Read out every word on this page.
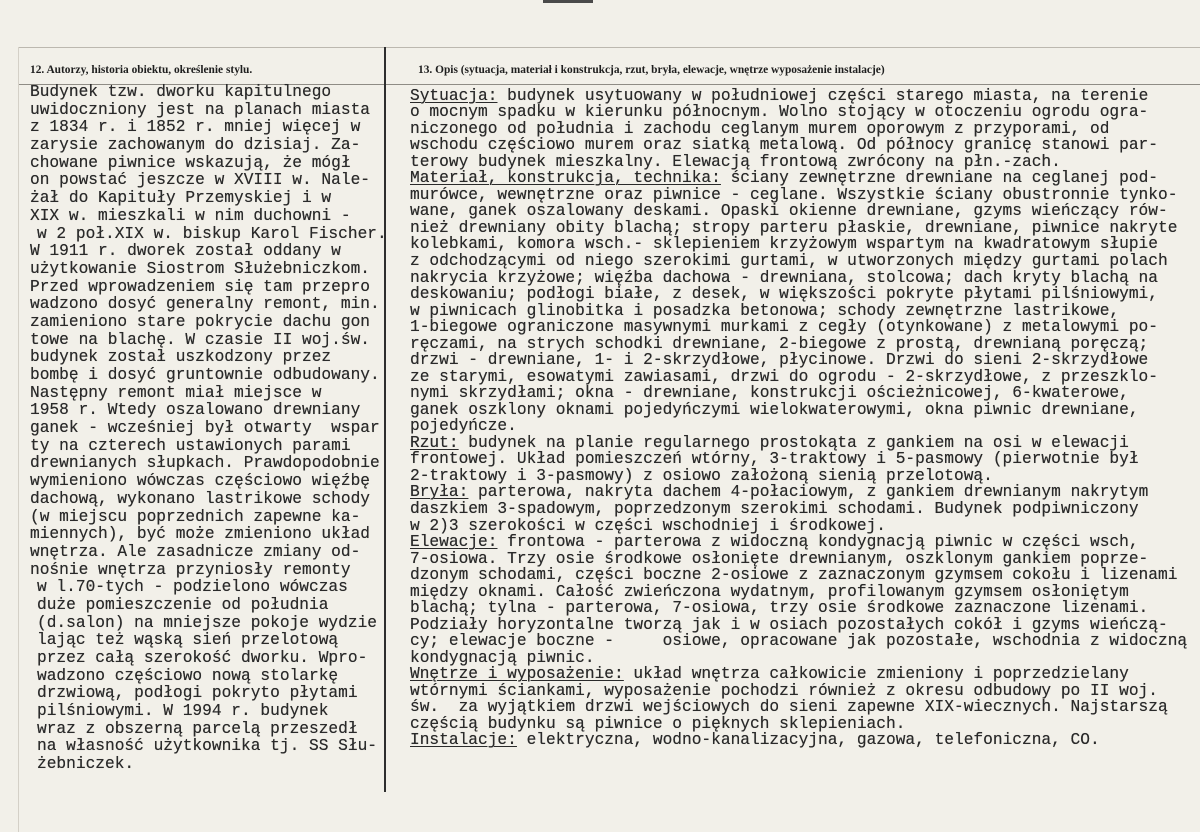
12. Autorzy, historia obiektu, określenie stylu.	13. Opis (sytuacja, materiał i konstrukcja, rzut, bryła, elewacje, wnętrze wyposażenie instalacje)
Budynek tzw. dworku kapitulnego
uwidoczniony jest na planach miasta
z 1834 r. i 1852 r. mniej więcej w
zarysie zachowanym do dzisiaj. Za-
chowane piwnice wskazują, że mógł
on powstać jeszcze w XVIII w. Nale-
żał do Kapituły Przemyskiej i w
XIX w. mieszkali w nim duchowni -
w 2 poł.XIX w. biskup Karol Fischer.
W 1911 r. dworek został oddany w
użytkowanie Siostrom Służebniczkom.
Przed wprowadzeniem się tam przepro
wadzono dosyć generalny remont, min.
zamieniono stare pokrycie dachu gon
towe na blachę. W czasie II woj.św.
budynek został uszkodzony przez
bombę i dosyć gruntownie odbudowany.
Następny remont miał miejsce w
1958 r. Wtedy oszalowano drewniany
ganek - wcześniej był otwarty  wspar
ty na czterech ustawionych parami
drewnianych słupkach. Prawdopodobnie
wymieniono wówczas częściowo więźbę
dachową, wykonano lastrikowe schody
(w miejscu poprzednich zapewne ka-
miennych), być może zmieniono układ
wnętrza. Ale zasadnicze zmiany od-
nośnie wnętrza przyniosły remonty
w l.70-tych - podzielono wówczas
duże pomieszczenie od południa
(d.salon) na mniejsze pokoje wydzie
lając też wąską sień przelotową
przez całą szerokość dworku. Wpro-
wadzono częściowo nową stolarkę
drzwiową, podłogi pokryto płytami
pilśniowymi. W 1994 r. budynek
wraz z obszerną parcelą przeszedł
na własność użytkownika tj. SS Słu-
żebniczek.
Sytuacja: budynek usytuowany w południowej części starego miasta, na terenie
o mocnym spadku w kierunku północnym. Wolno stojący w otoczeniu ogrodu ogra-
niczonego od południa i zachodu ceglanym murem oporowym z przyporami, od
wschodu częściowo murem oraz siatką metalową. Od północy granicę stanowi par-
terowy budynek mieszkalny. Elewacją frontową zwrócony na płn.-zach.
Materiał, konstrukcja, technika: ściany zewnętrzne drewniane na ceglanej pod-
murówce, wewnętrzne oraz piwnice - ceglane. Wszystkie ściany obustronnie tynko-
wane, ganek oszalowany deskami. Opaski okienne drewniane, gzyms wieńczący rów-
nież drewniany obity blachą; stropy parteru płaskie, drewniane, piwnice nakryte
kolebkami, komora wsch.- sklepieniem krzyżowym wspartym na kwadratowym słupie
z odchodzącymi od niego szerokimi gurtami, w utworzonych między gurtami polach
nakrycia krzyżowe; więźba dachowa - drewniana, stolcowa; dach kryty blachą na
deskowaniu; podłogi białe, z desek, w większości pokryte płytami pilśniowymi,
w piwnicach glinobitka i posadzka betonowa; schody zewnętrzne lastrikowe,
1-biegowe ograniczone masywnymi murkami z cegły (otynkowane) z metalowymi po-
ręczami, na strych schodki drewniane, 2-biegowe z prostą, drewnianą poręczą;
drzwi - drewniane, 1- i 2-skrzydłowe, płycinowe. Drzwi do sieni 2-skrzydłowe
ze starymi, esowatymi zawiasami, drzwi do ogrodu - 2-skrzydłowe, z przeszklo-
nymi skrzydłami; okna - drewniane, konstrukcji ościeżnicowej, 6-kwaterowe,
ganek oszklony oknami pojedyńczymi wielokwaterowymi, okna piwnic drewniane,
pojedyńcze.
Rzut: budynek na planie regularnego prostokąta z gankiem na osi w elewacji
frontowej. Układ pomieszczeń wtórny, 3-traktowy i 5-pasmowy (pierwotnie był
2-traktowy i 3-pasmowy) z osiowo założoną sienią przelotową.
Bryła: parterowa, nakryta dachem 4-połaciowym, z gankiem drewnianym nakrytym
daszkiem 3-spadowym, poprzedzonym szerokimi schodami. Budynek podpiwniczony
w 2)3 szerokości w części wschodniej i środkowej.
Elewacje: frontowa - parterowa z widoczną kondygnacją piwnic w części wsch,
7-osiowa. Trzy osie środkowe osłonięte drewnianym, oszklonym gankiem poprze-
dzonym schodami, części boczne 2-osiowe z zaznaczonym gzymsem cokołu i lizenami
między oknami. Całość zwieńczona wydatnym, profilowanym gzymsem osłoniętym
blachą; tylna - parterowa, 7-osiowa, trzy osie środkowe zaznaczone lizenami.
Podziały horyzontalne tworzą jak i w osiach pozostałych cokół i gzyms wieńczą-
cy; elewacje boczne -     osiowe, opracowane jak pozostałe, wschodnia z widoczną
kondygnacją piwnic.
Wnętrze i wyposażenie: układ wnętrza całkowicie zmieniony i poprzedzielany
wtórnymi ściankami, wyposażenie pochodzi również z okresu odbudowy po II woj.
św.  za wyjątkiem drzwi wejściowych do sieni zapewne XIX-wiecznych. Najstarszą
częścią budynku są piwnice o pięknych sklepieniach.
Instalacje: elektryczna, wodno-kanalizacyjna, gazowa, telefoniczna, CO.
